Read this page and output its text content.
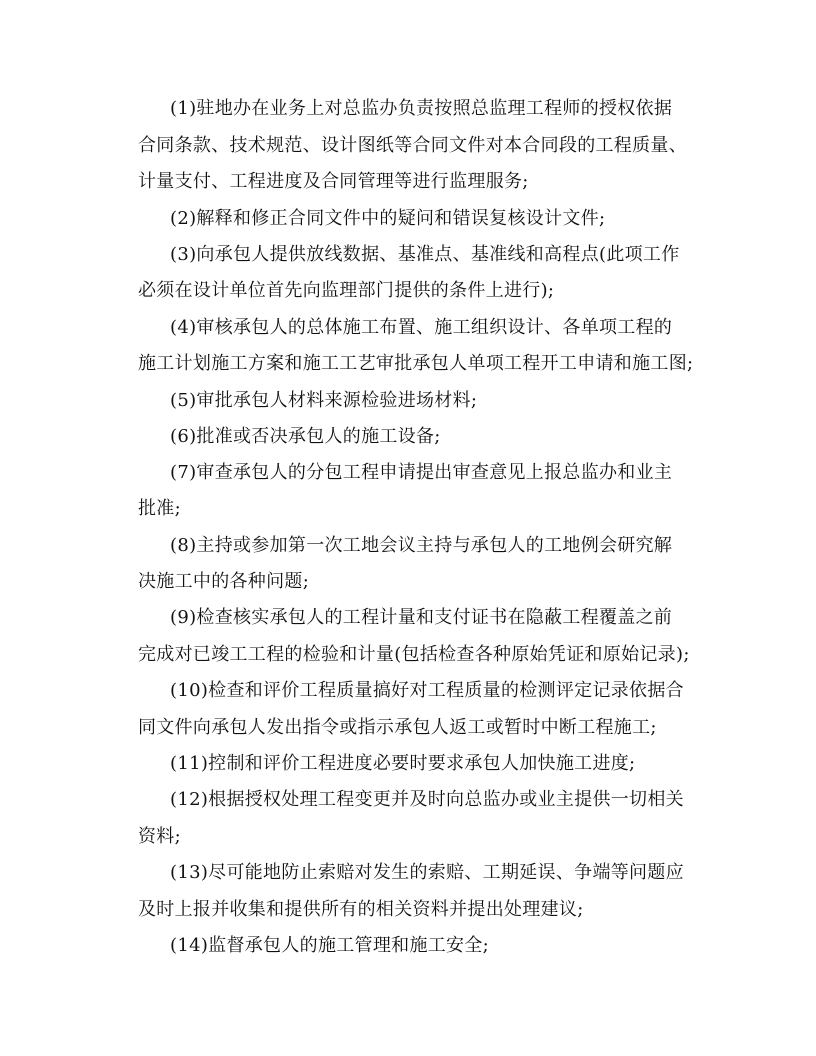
(1)驻地办在业务上对总监办负责按照总监理工程师的授权依据
合同条款、技术规范、设计图纸等合同文件对本合同段的工程质量、
计量支付、工程进度及合同管理等进行监理服务;
(2)解释和修正合同文件中的疑问和错误复核设计文件;
(3)向承包人提供放线数据、基准点、基准线和高程点(此项工作
必须在设计单位首先向监理部门提供的条件上进行);
(4)审核承包人的总体施工布置、施工组织设计、各单项工程的
施工计划施工方案和施工工艺审批承包人单项工程开工申请和施工图;
(5)审批承包人材料来源检验进场材料;
(6)批准或否决承包人的施工设备;
(7)审查承包人的分包工程申请提出审查意见上报总监办和业主
批准;
(8)主持或参加第一次工地会议主持与承包人的工地例会研究解
决施工中的各种问题;
(9)检查核实承包人的工程计量和支付证书在隐蔽工程覆盖之前
完成对已竣工工程的检验和计量(包括检查各种原始凭证和原始记录);
(10)检查和评价工程质量搞好对工程质量的检测评定记录依据合
同文件向承包人发出指令或指示承包人返工或暂时中断工程施工;
(11)控制和评价工程进度必要时要求承包人加快施工进度;
(12)根据授权处理工程变更并及时向总监办或业主提供一切相关
资料;
(13)尽可能地防止索赔对发生的索赔、工期延误、争端等问题应
及时上报并收集和提供所有的相关资料并提出处理建议;
(14)监督承包人的施工管理和施工安全;
